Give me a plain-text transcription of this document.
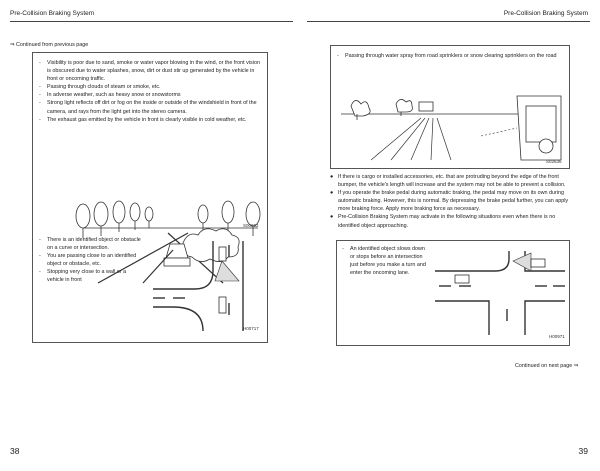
Pre-Collision Braking System
⇒ Continued from previous page
- Visibility is poor due to sand, smoke or water vapor blowing in the wind, or the front vision is obscured due to water splashes, snow, dirt or dust stir up generated by the vehicle in front or oncoming traffic.
- Passing through clouds of steam or smoke, etc.
- In adverse weather, such as heavy snow or snowstorms
- Strong light reflects off dirt or fog on the inside or outside of the windshield in front of the camera, and rays from the light get into the stereo camera.
- The exhaust gas emitted by the vehicle in front is clearly visible in cold weather, etc.
S00652
- There is an identified object or obstacle on a curve or intersection.
- You are passing close to an identified object or obstacle, etc.
- Stopping very close to a wall or a vehicle in front
H00717
38
Pre-Collision Braking System
- Passing through water spray from road sprinklers or snow clearing sprinklers on the road
S02636
● If there is cargo or installed accessories, etc. that are protruding beyond the edge of the front bumper, the vehicle's length will increase and the system may not be able to prevent a collision.
● If you operate the brake pedal during automatic braking, the pedal may move on its own during automatic braking. However, this is normal. By depressing the brake pedal further, you can apply more braking force. Apply more braking force as necessary.
● Pre-Collision Braking System may activate in the following situations even when there is no identified object approaching.
- An identified object slows down or stops before an intersection just before you make a turn and enter the oncoming lane.
H00971
Continued on next page ⇒
39
